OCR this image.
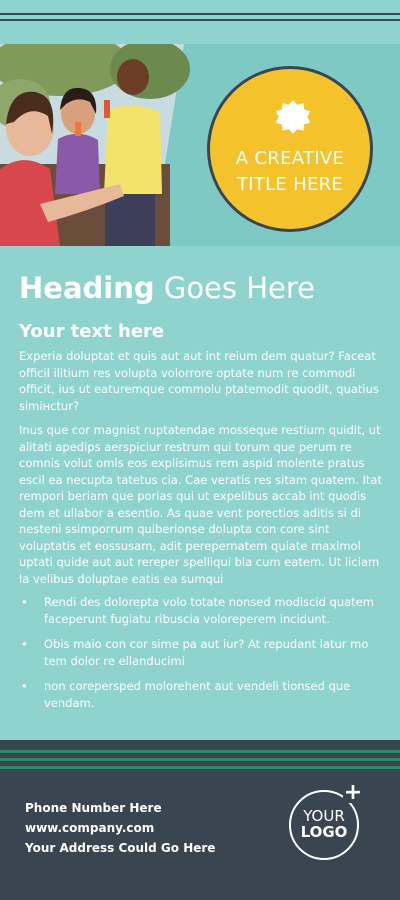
A CREATIVE TITLE HERE
Heading Goes Here
Your text here

Experia doluptat et quis aut aut int reium dem quatur? Faceat officil ilitium res volupta volorrore optate num re commodi officit, ius ut eaturemque commolu ptatemodit quodit, quatius simінctur?

Inus que cor magnist ruptatendae mosseque restium quidit, ut alitati apedips aerspiciur restrum qui torum que perum re comnis volut omls eos explisimus rem aspid molente pratus escil ea necupta tatetus cia. Cae veratis res sitam quatem. Itat rempori beriam que porias qui ut expelibus accab int quodis dem et ullabor a esentio. As quae vent porectios aditis si di nesteni ssimporrum quiberionse dolupta con core sint voluptatis et eossusam, adit perepernatem quiate maximol uptati quide aut aut rereper spelliqui bla cum eatem. Ut liciam la velibus doluptae eatis ea sumqui

• Rendi des dolorepta volo totate nonsed modiscid quatem faceperunt fugiatu ribuscia voloreperem incidunt.
• Obis maio con cor sime pa aut iur? At repudant latur mo tem dolor re ellanducimi
• non corepersped molorehent aut vendeli tionsed que vendam.
Phone Number Here
www.company.com
Your Address Could Go Here
YOUR
LOGO
+
